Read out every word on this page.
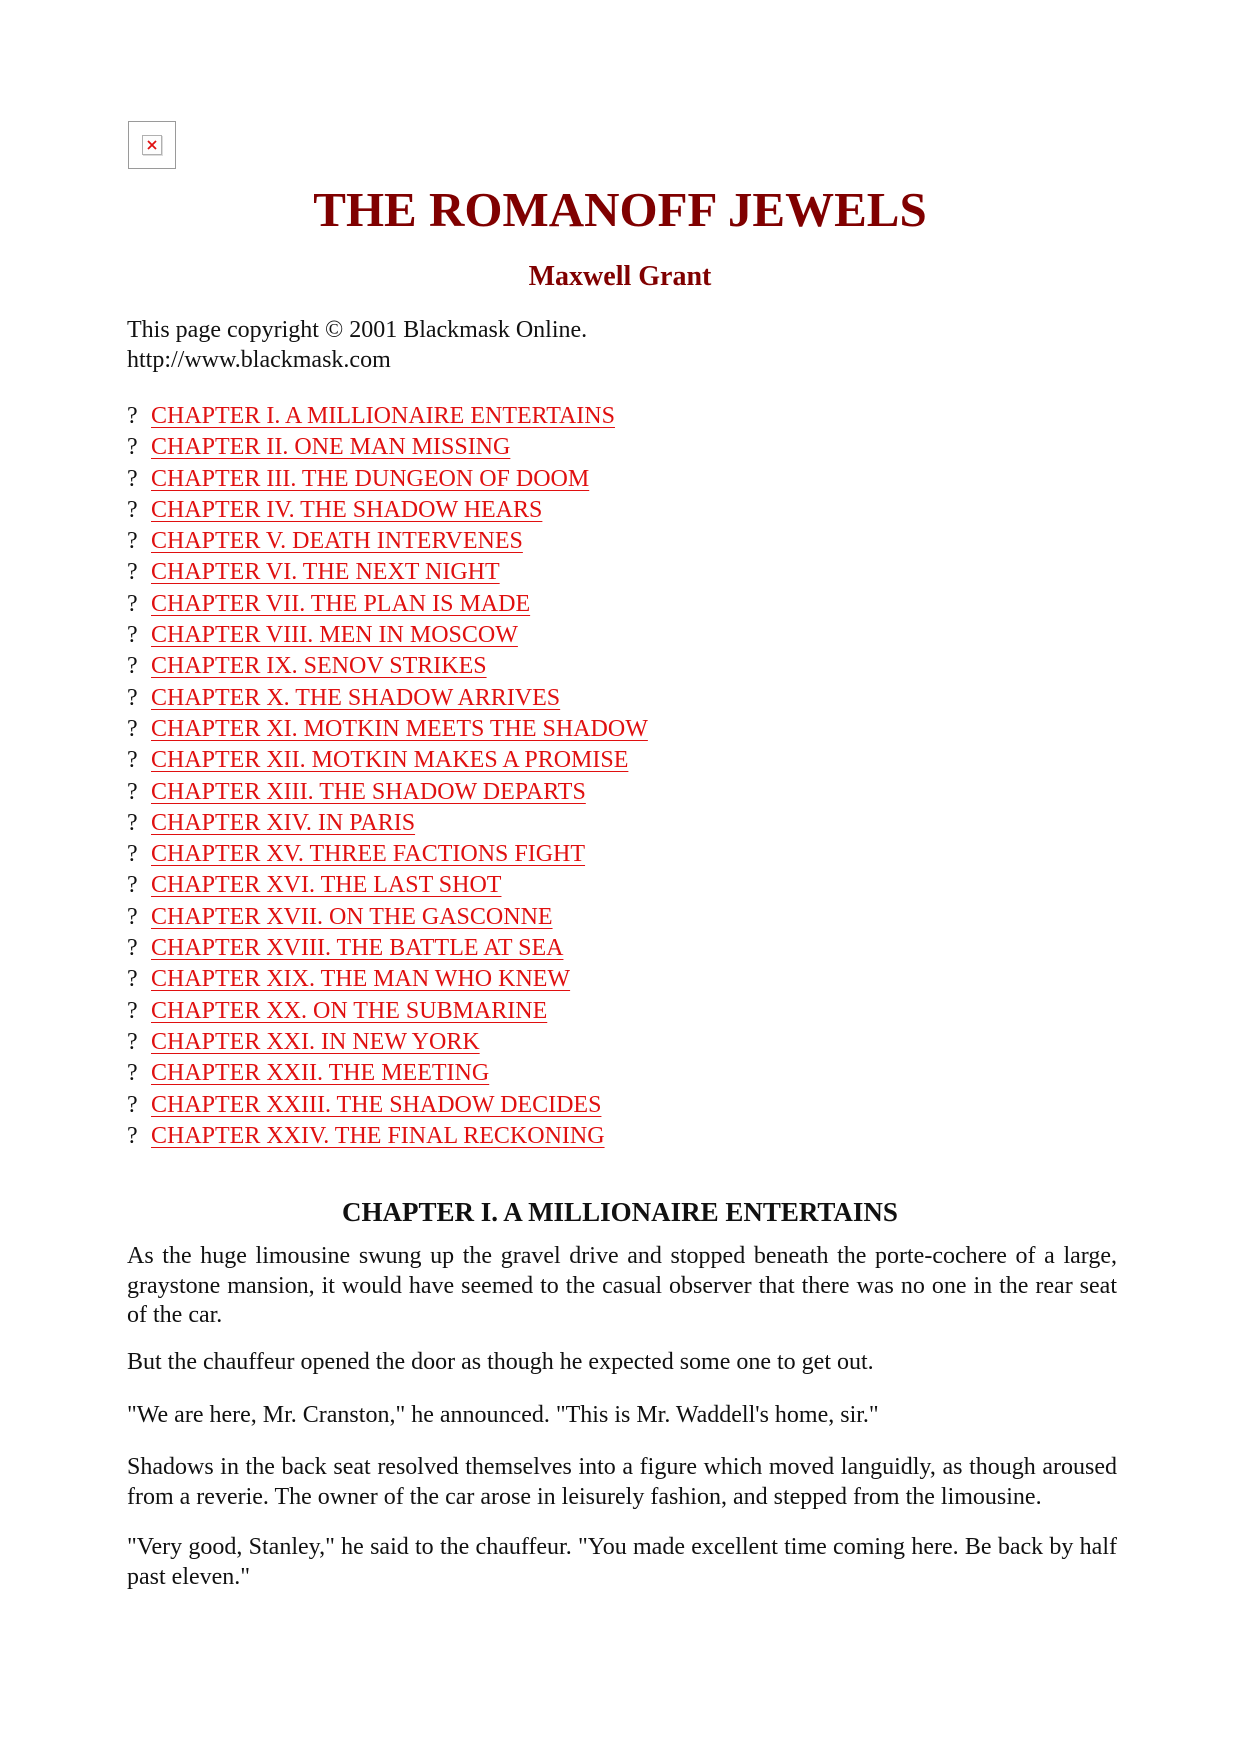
THE ROMANOFF JEWELS
Maxwell Grant
This page copyright © 2001 Blackmask Online.
http://www.blackmask.com
? CHAPTER I. A MILLIONAIRE ENTERTAINS
? CHAPTER II. ONE MAN MISSING
? CHAPTER III. THE DUNGEON OF DOOM
? CHAPTER IV. THE SHADOW HEARS
? CHAPTER V. DEATH INTERVENES
? CHAPTER VI. THE NEXT NIGHT
? CHAPTER VII. THE PLAN IS MADE
? CHAPTER VIII. MEN IN MOSCOW
? CHAPTER IX. SENOV STRIKES
? CHAPTER X. THE SHADOW ARRIVES
? CHAPTER XI. MOTKIN MEETS THE SHADOW
? CHAPTER XII. MOTKIN MAKES A PROMISE
? CHAPTER XIII. THE SHADOW DEPARTS
? CHAPTER XIV. IN PARIS
? CHAPTER XV. THREE FACTIONS FIGHT
? CHAPTER XVI. THE LAST SHOT
? CHAPTER XVII. ON THE GASCONNE
? CHAPTER XVIII. THE BATTLE AT SEA
? CHAPTER XIX. THE MAN WHO KNEW
? CHAPTER XX. ON THE SUBMARINE
? CHAPTER XXI. IN NEW YORK
? CHAPTER XXII. THE MEETING
? CHAPTER XXIII. THE SHADOW DECIDES
? CHAPTER XXIV. THE FINAL RECKONING
CHAPTER I. A MILLIONAIRE ENTERTAINS

As the huge limousine swung up the gravel drive and stopped beneath the porte-cochere of a large, graystone mansion, it would have seemed to the casual observer that there was no one in the rear seat of the car.

But the chauffeur opened the door as though he expected some one to get out.

"We are here, Mr. Cranston," he announced. "This is Mr. Waddell's home, sir."

Shadows in the back seat resolved themselves into a figure which moved languidly, as though aroused from a reverie. The owner of the car arose in leisurely fashion, and stepped from the limousine.

"Very good, Stanley," he said to the chauffeur. "You made excellent time coming here. Be back by half past eleven."
